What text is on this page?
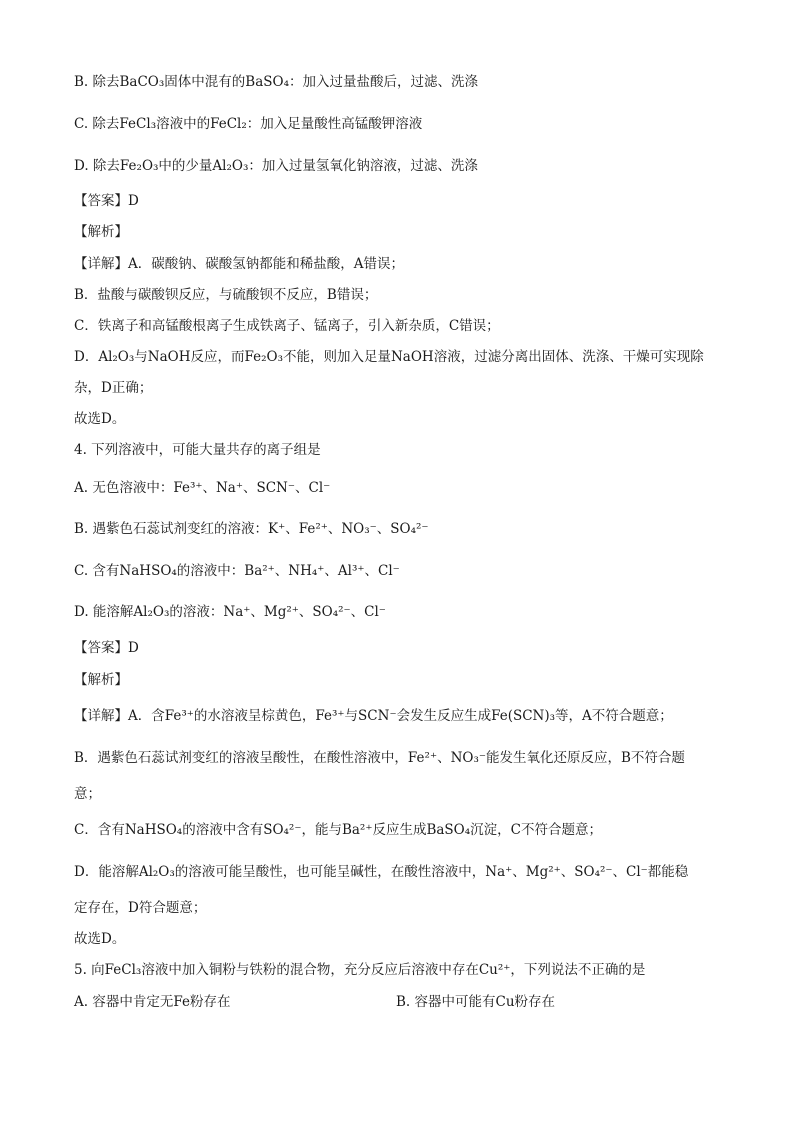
B. 除去BaCO₃固体中混有的BaSO₄：加入过量盐酸后，过滤、洗涤
C. 除去FeCl₃溶液中的FeCl₂：加入足量酸性高锰酸钾溶液
D. 除去Fe₂O₃中的少量Al₂O₃：加入过量氢氧化钠溶液，过滤、洗涤
【答案】D
【解析】
【详解】A．碳酸钠、碳酸氢钠都能和稀盐酸，A错误；
B．盐酸与碳酸钡反应，与硫酸钡不反应，B错误；
C．铁离子和高锰酸根离子生成铁离子、锰离子，引入新杂质，C错误；
D．Al₂O₃与NaOH反应，而Fe₂O₃不能，则加入足量NaOH溶液，过滤分离出固体、洗涤、干燥可实现除
杂，D正确；
故选D。
4. 下列溶液中，可能大量共存的离子组是
A. 无色溶液中：Fe³⁺、Na⁺、SCN⁻、Cl⁻
B. 遇紫色石蕊试剂变红的溶液：K⁺、Fe²⁺、NO₃⁻、SO₄²⁻
C. 含有NaHSO₄的溶液中：Ba²⁺、NH₄⁺、Al³⁺、Cl⁻
D. 能溶解Al₂O₃的溶液：Na⁺、Mg²⁺、SO₄²⁻、Cl⁻
【答案】D
【解析】
【详解】A．含Fe³⁺的水溶液呈棕黄色，Fe³⁺与SCN⁻会发生反应生成Fe(SCN)₃等，A不符合题意；
B．遇紫色石蕊试剂变红的溶液呈酸性，在酸性溶液中，Fe²⁺、NO₃⁻能发生氧化还原反应，B不符合题
意；
C．含有NaHSO₄的溶液中含有SO₄²⁻，能与Ba²⁺反应生成BaSO₄沉淀，C不符合题意；
D．能溶解Al₂O₃的溶液可能呈酸性，也可能呈碱性，在酸性溶液中，Na⁺、Mg²⁺、SO₄²⁻、Cl⁻都能稳
定存在，D符合题意；
故选D。
5. 向FeCl₃溶液中加入铜粉与铁粉的混合物，充分反应后溶液中存在Cu²⁺，下列说法不正确的是
A. 容器中肯定无Fe粉存在	B. 容器中可能有Cu粉存在
